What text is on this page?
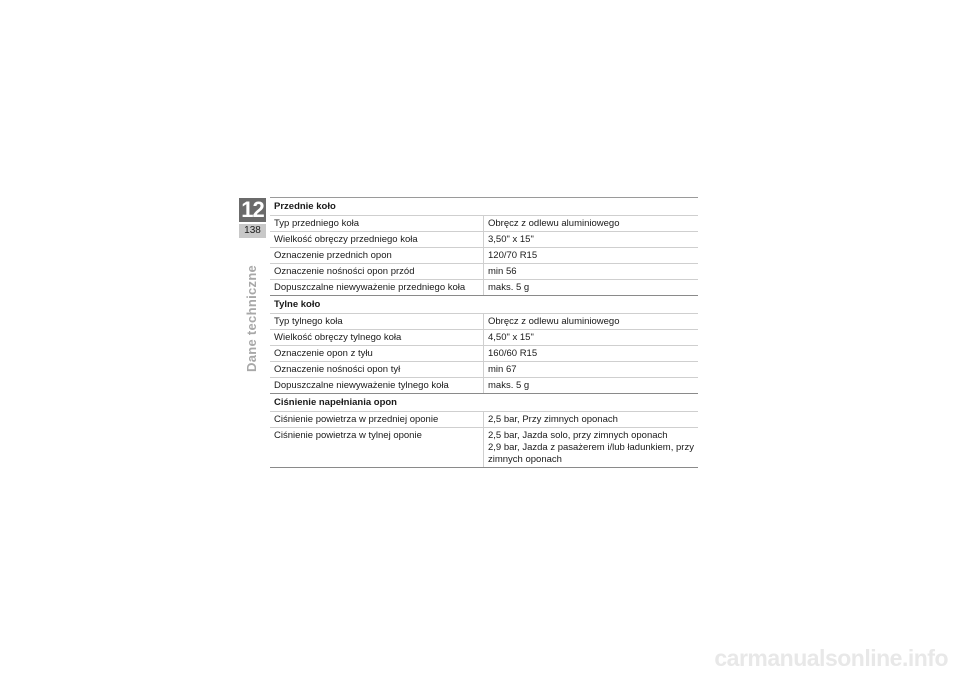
12
138
Dane techniczne
Przednie koło
Typ przedniego koła	Obręcz z odlewu aluminiowego
Wielkość obręczy przedniego koła	3,50" x 15"
Oznaczenie przednich opon	120/70 R15
Oznaczenie nośności opon przód	min 56
Dopuszczalne niewyważenie przedniego koła	maks. 5 g
Tylne koło
Typ tylnego koła	Obręcz z odlewu aluminiowego
Wielkość obręczy tylnego koła	4,50" x 15"
Oznaczenie opon z tyłu	160/60 R15
Oznaczenie nośności opon tył	min 67
Dopuszczalne niewyważenie tylnego koła	maks. 5 g
Ciśnienie napełniania opon
Ciśnienie powietrza w przedniej oponie	2,5 bar, Przy zimnych oponach
Ciśnienie powietrza w tylnej oponie	2,5 bar, Jazda solo, przy zimnych oponach
2,9 bar, Jazda z pasażerem i/lub ładunkiem, przy zimnych oponach
carmanualsonline.info
